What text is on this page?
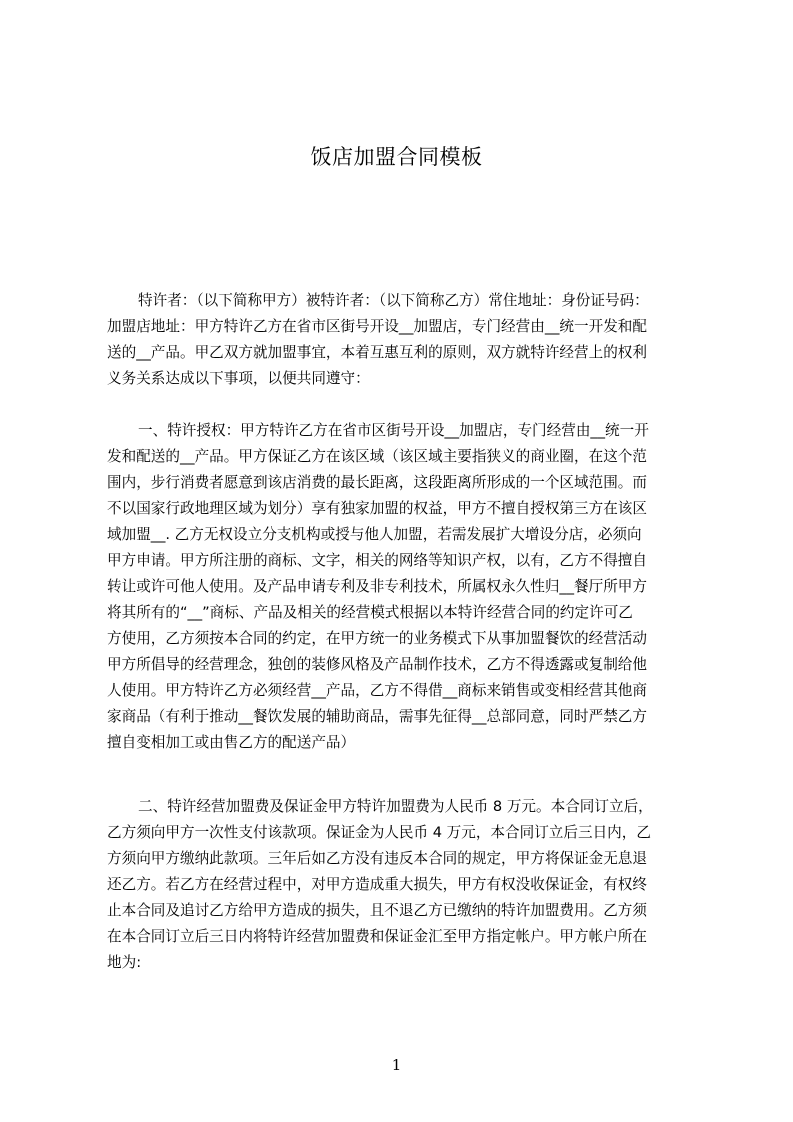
饭店加盟合同模板
特许者：（以下简称甲方）被特许者：（以下简称乙方）常住地址：身份证号码：
加盟店地址：甲方特许乙方在省市区街号开设__加盟店，专门经营由__统一开发和配
送的__产品。甲乙双方就加盟事宜，本着互惠互利的原则，双方就特许经营上的权利
义务关系达成以下事项，以便共同遵守：
一、特许授权：甲方特许乙方在省市区街号开设__加盟店，专门经营由__统一开
发和配送的__产品。甲方保证乙方在该区域（该区域主要指狭义的商业圈，在这个范
围内，步行消费者愿意到该店消费的最长距离，这段距离所形成的一个区域范围。而
不以国家行政地理区域为划分）享有独家加盟的权益，甲方不擅自授权第三方在该区
域加盟__. 乙方无权设立分支机构或授与他人加盟，若需发展扩大增设分店，必须向
甲方申请。甲方所注册的商标、文字，相关的网络等知识产权，以有，乙方不得擅自
转让或许可他人使用。及产品申请专利及非专利技术，所属权永久性归__餐厅所甲方
将其所有的“__”商标、产品及相关的经营模式根据以本特许经营合同的约定许可乙
方使用，乙方须按本合同的约定，在甲方统一的业务模式下从事加盟餐饮的经营活动
甲方所倡导的经营理念，独创的装修风格及产品制作技术，乙方不得透露或复制给他
人使用。甲方特许乙方必须经营__产品，乙方不得借__商标来销售或变相经营其他商
家商品（有利于推动__餐饮发展的辅助商品，需事先征得__总部同意，同时严禁乙方
擅自变相加工或由售乙方的配送产品）
二、特许经营加盟费及保证金甲方特许加盟费为人民币 8 万元。本合同订立后，
乙方须向甲方一次性支付该款项。保证金为人民币 4 万元，本合同订立后三日内，乙
方须向甲方缴纳此款项。三年后如乙方没有违反本合同的规定，甲方将保证金无息退
还乙方。若乙方在经营过程中，对甲方造成重大损失，甲方有权没收保证金，有权终
止本合同及追讨乙方给甲方造成的损失，且不退乙方已缴纳的特许加盟费用。乙方须
在本合同订立后三日内将特许经营加盟费和保证金汇至甲方指定帐户。甲方帐户所在
地为:
1
